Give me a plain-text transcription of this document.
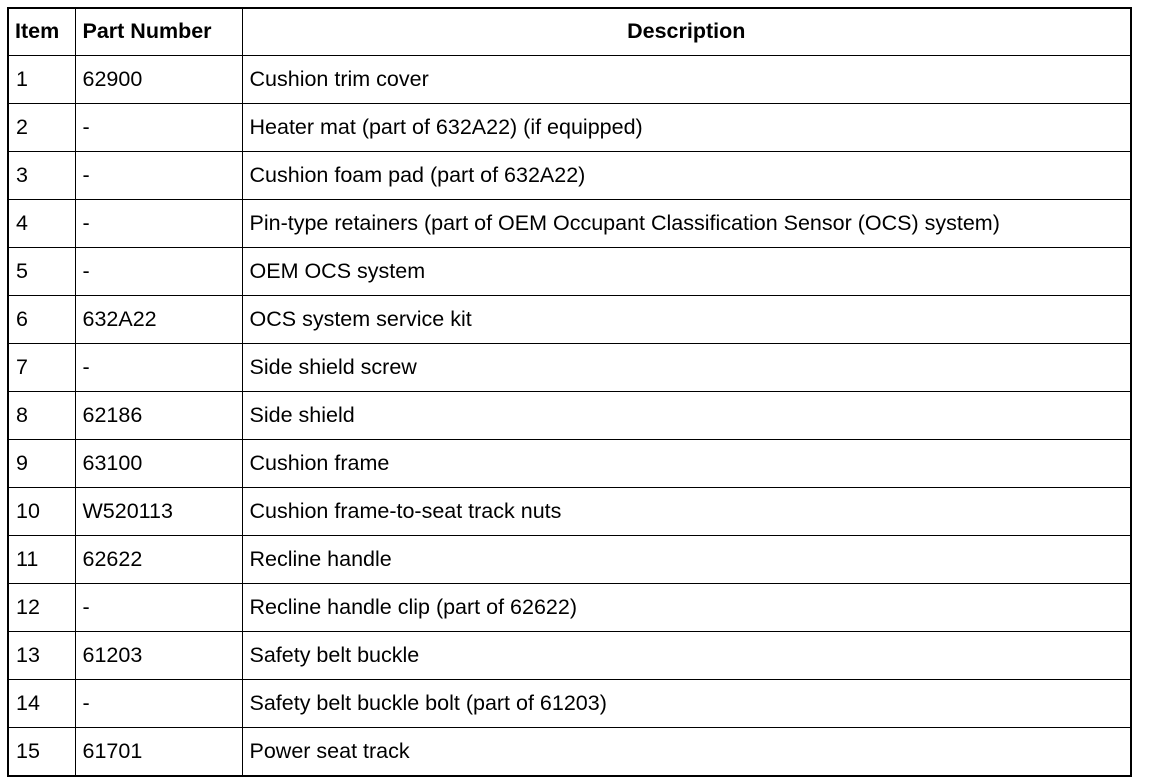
Item	Part Number	Description
1	62900	Cushion trim cover
2	-	Heater mat (part of 632A22) (if equipped)
3	-	Cushion foam pad (part of 632A22)
4	-	Pin-type retainers (part of OEM Occupant Classification Sensor (OCS) system)
5	-	OEM OCS system
6	632A22	OCS system service kit
7	-	Side shield screw
8	62186	Side shield
9	63100	Cushion frame
10	W520113	Cushion frame-to-seat track nuts
11	62622	Recline handle
12	-	Recline handle clip (part of 62622)
13	61203	Safety belt buckle
14	-	Safety belt buckle bolt (part of 61203)
15	61701	Power seat track
